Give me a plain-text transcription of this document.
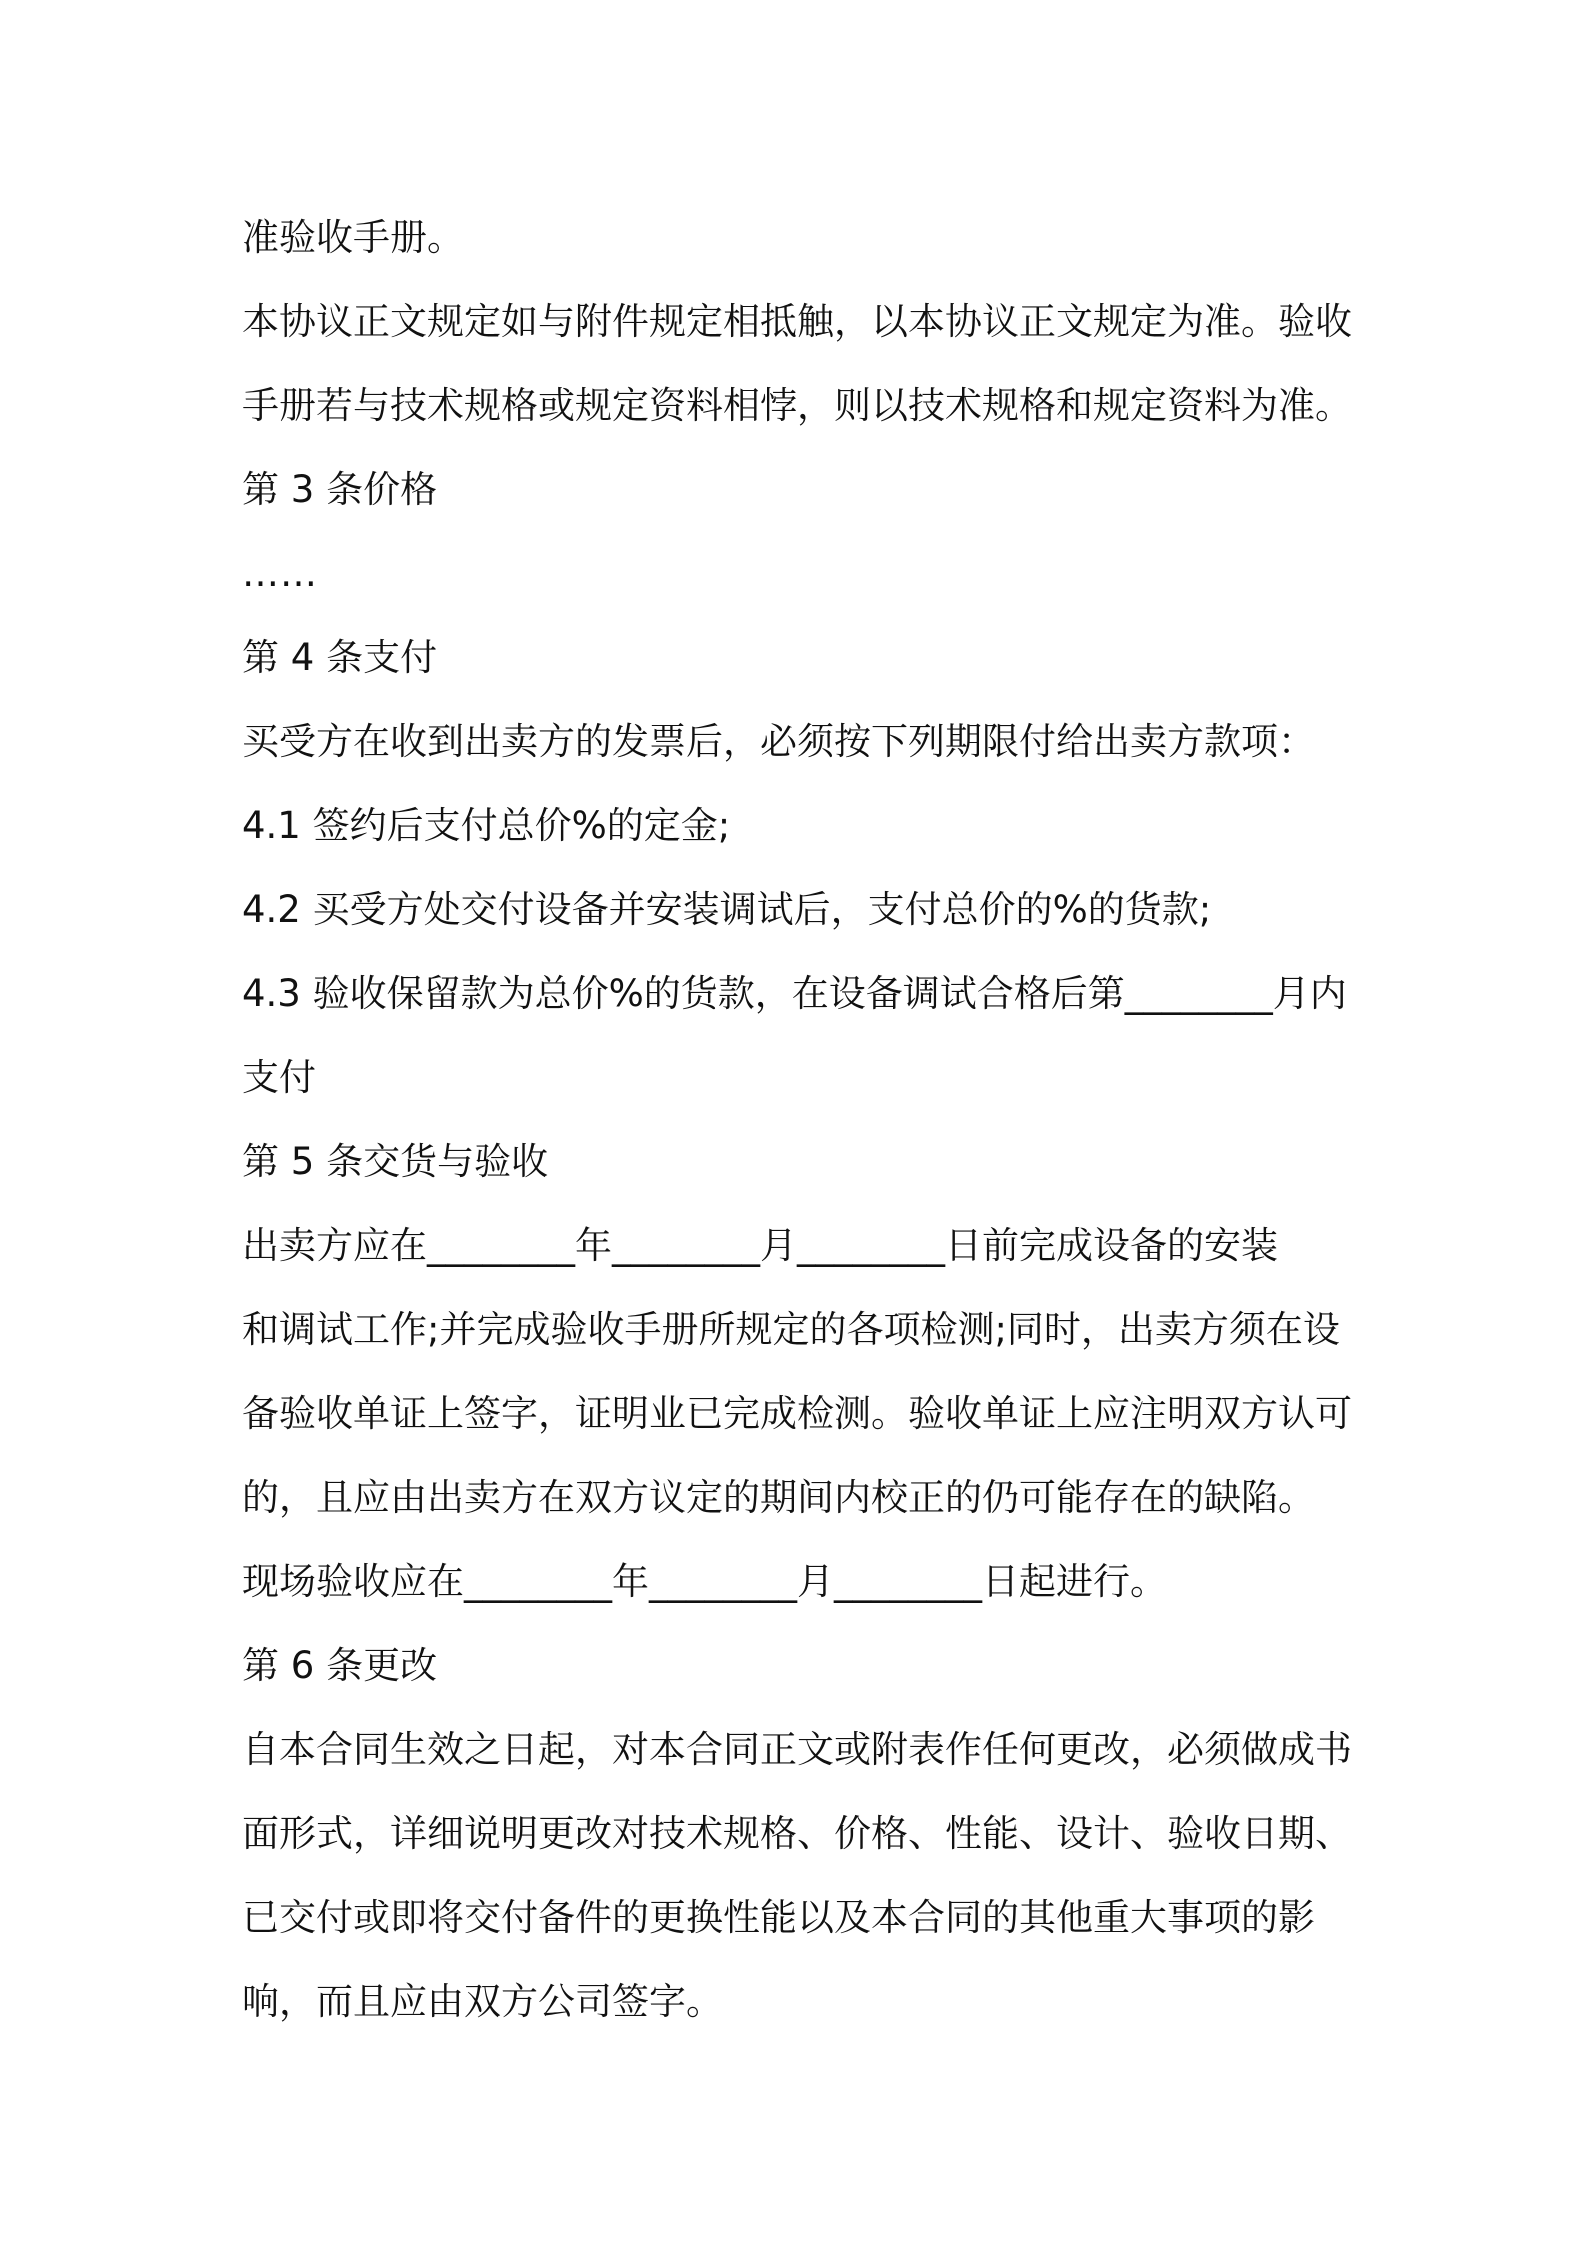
准验收手册。
本协议正文规定如与附件规定相抵触，以本协议正文规定为准。验收
手册若与技术规格或规定资料相悖，则以技术规格和规定资料为准。
第 3 条价格
……
第 4 条支付
买受方在收到出卖方的发票后，必须按下列期限付给出卖方款项：
4.1 签约后支付总价%的定金;
4.2 买受方处交付设备并安装调试后，支付总价的%的货款;
4.3 验收保留款为总价%的货款，在设备调试合格后第________月内
支付
第 5 条交货与验收
出卖方应在________年________月________日前完成设备的安装
和调试工作;并完成验收手册所规定的各项检测;同时，出卖方须在设
备验收单证上签字，证明业已完成检测。验收单证上应注明双方认可
的，且应由出卖方在双方议定的期间内校正的仍可能存在的缺陷。
现场验收应在________年________月________日起进行。
第 6 条更改
自本合同生效之日起，对本合同正文或附表作任何更改，必须做成书
面形式，详细说明更改对技术规格、价格、性能、设计、验收日期、
已交付或即将交付备件的更换性能以及本合同的其他重大事项的影
响，而且应由双方公司签字。
